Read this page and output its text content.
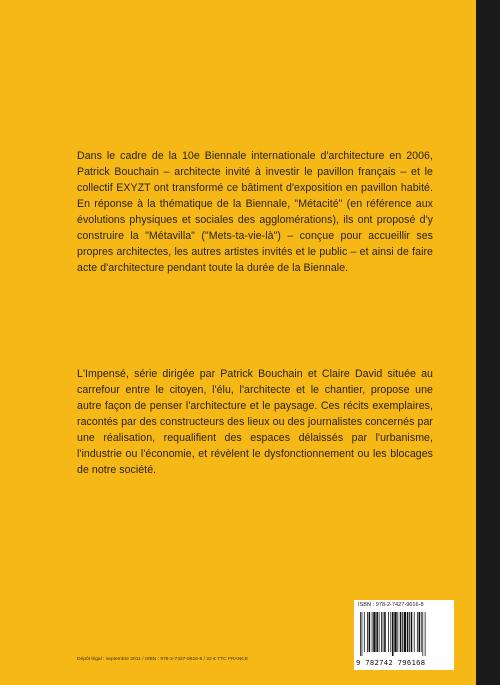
Dans le cadre de la 10e Biennale internationale d'architecture en 2006, Patrick Bouchain – architecte invité à investir le pavillon français – et le collectif EXYZT ont transformé ce bâtiment d'exposition en pavillon habité. En réponse à la thématique de la Biennale, "Métacité" (en référence aux évolutions physiques et sociales des agglomérations), ils ont proposé d'y construire la "Métavilla" ("Mets-ta-vie-là") – conçue pour accueillir ses propres architectes, les autres artistes invités et le public – et ainsi de faire acte d'architecture pendant toute la durée de la Biennale.

L'Impensé, série dirigée par Patrick Bouchain et Claire David située au carrefour entre le citoyen, l'élu, l'architecte et le chantier, propose une autre façon de penser l'architecture et le paysage. Ces récits exemplaires, racontés par des constructeurs des lieux ou des journalistes concernés par une réalisation, requalifient des espaces délaissés par l'urbanisme, l'industrie ou l'économie, et révèlent le dysfonctionnement ou les blocages de notre société.

ISBN : 978-2-7427-9616-8
9 782742 796168
Dépôt légal : septembre 2011 / ISBN : 978-2-7427-9616-8 / 22 € TTC FRANCE
